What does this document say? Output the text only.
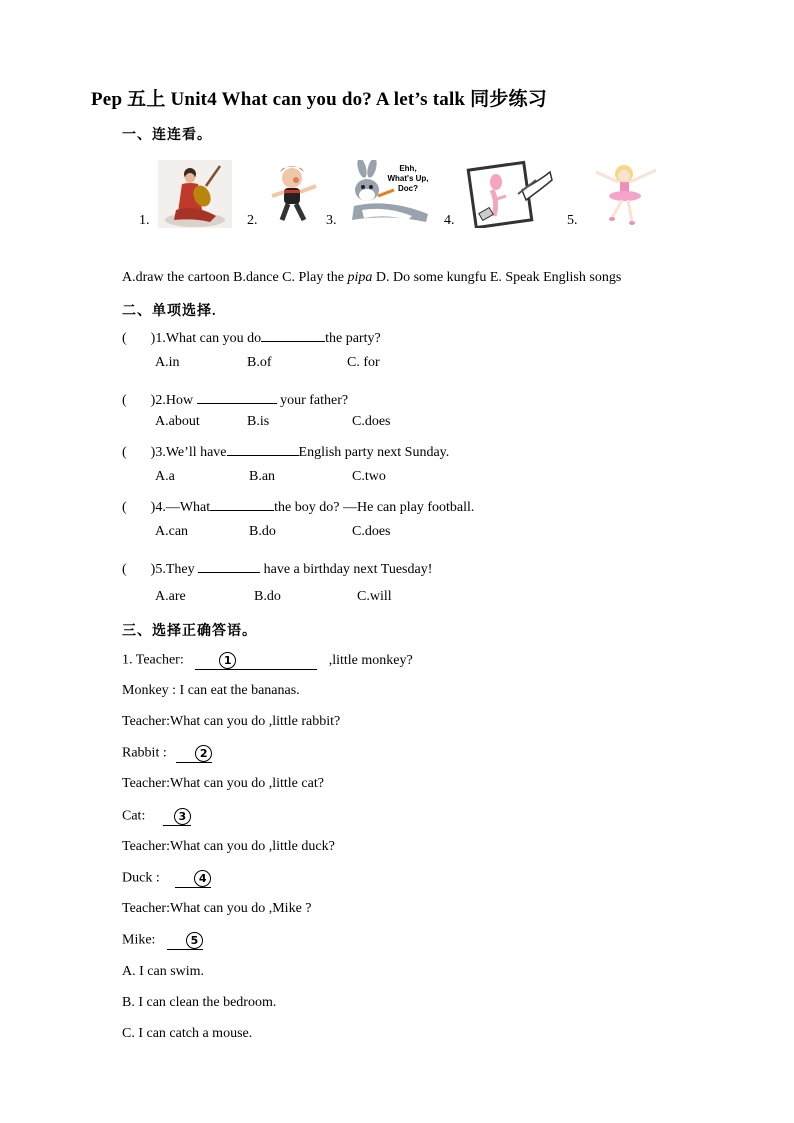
Pep 五上 Unit4 What can you do? A let’s talk 同步练习
一、连连看。
1.	2.	3.
Ehh,
What's Up,
Doc?
4.	5.
A.draw the cartoon B.dance C. Play the pipa D. Do some kungfu E. Speak English songs
二、单项选择.
( )1.What can you do	the party?
A.in	B.of	C. for
( )2.How	your father?
A.about	B.is	C.does
( )3.We’ll have	English party next Sunday.
A.a	B.an	C.two
( )4.—What	the boy do? —He can play football.
A.can	B.do	C.does
( )5.They	have a birthday next Tuesday!
A.are	B.do	C.will
三、选择正确答语。
1. Teacher:	1	,little monkey?
Monkey : I can eat the bananas.
Teacher:What can you do ,little rabbit?
Rabbit :	2
Teacher:What can you do ,little cat?
Cat:	3
Teacher:What can you do ,little duck?
Duck :	4
Teacher:What can you do ,Mike ?
Mike:	5
A. I can swim.
B. I can clean the bedroom.
C. I can catch a mouse.
